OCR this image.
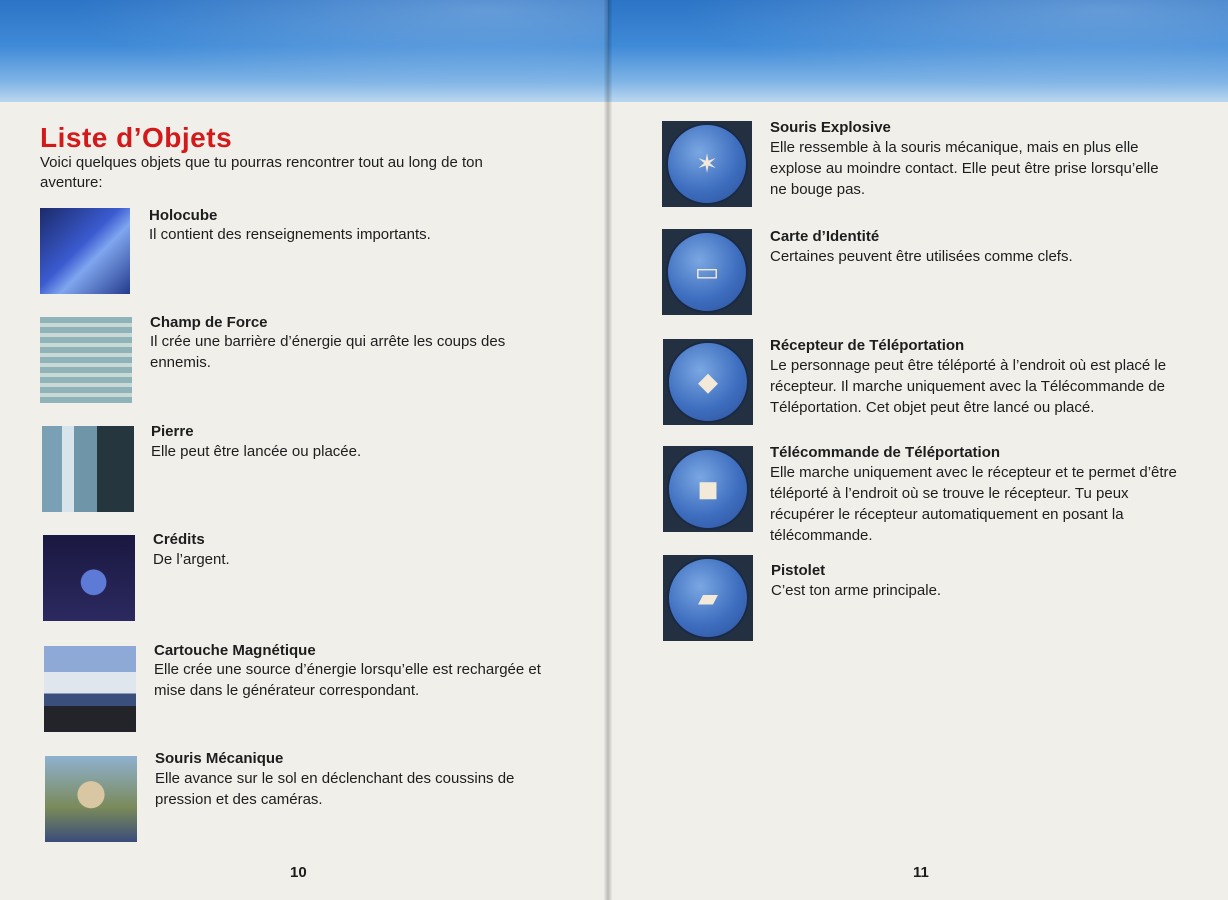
Liste d’Objets
Voici quelques objets que tu pourras rencontrer tout au long de ton aventure:
Holocube
Il contient des renseignements importants.
Champ de Force
Il crée une barrière d’énergie qui arrête les coups des ennemis.
Pierre
Elle peut être lancée ou placée.
Crédits
De l’argent.
Cartouche Magnétique
Elle crée une source d’énergie lorsqu’elle est rechargée et mise dans le générateur correspondant.
Souris Mécanique
Elle avance sur le sol en déclenchant des coussins de pression et des caméras.
10
✶
Souris Explosive
Elle ressemble à la souris mécanique, mais en plus elle explose au moindre contact. Elle peut être prise lorsqu’elle ne bouge pas.
▭
Carte d’Identité
Certaines peuvent être utilisées comme clefs.
◆
Récepteur de Téléportation
Le personnage peut être téléporté à l’endroit où est placé le récepteur. Il marche uniquement avec la Télécommande de Téléportation. Cet objet peut être lancé ou placé.
◼
Télécommande de Téléportation
Elle marche uniquement avec le récepteur et te permet d’être téléporté à l’endroit où se trouve le récepteur. Tu peux récupérer le récepteur automatiquement en posant la télécommande.
▰
Pistolet
C’est ton arme principale.
11
